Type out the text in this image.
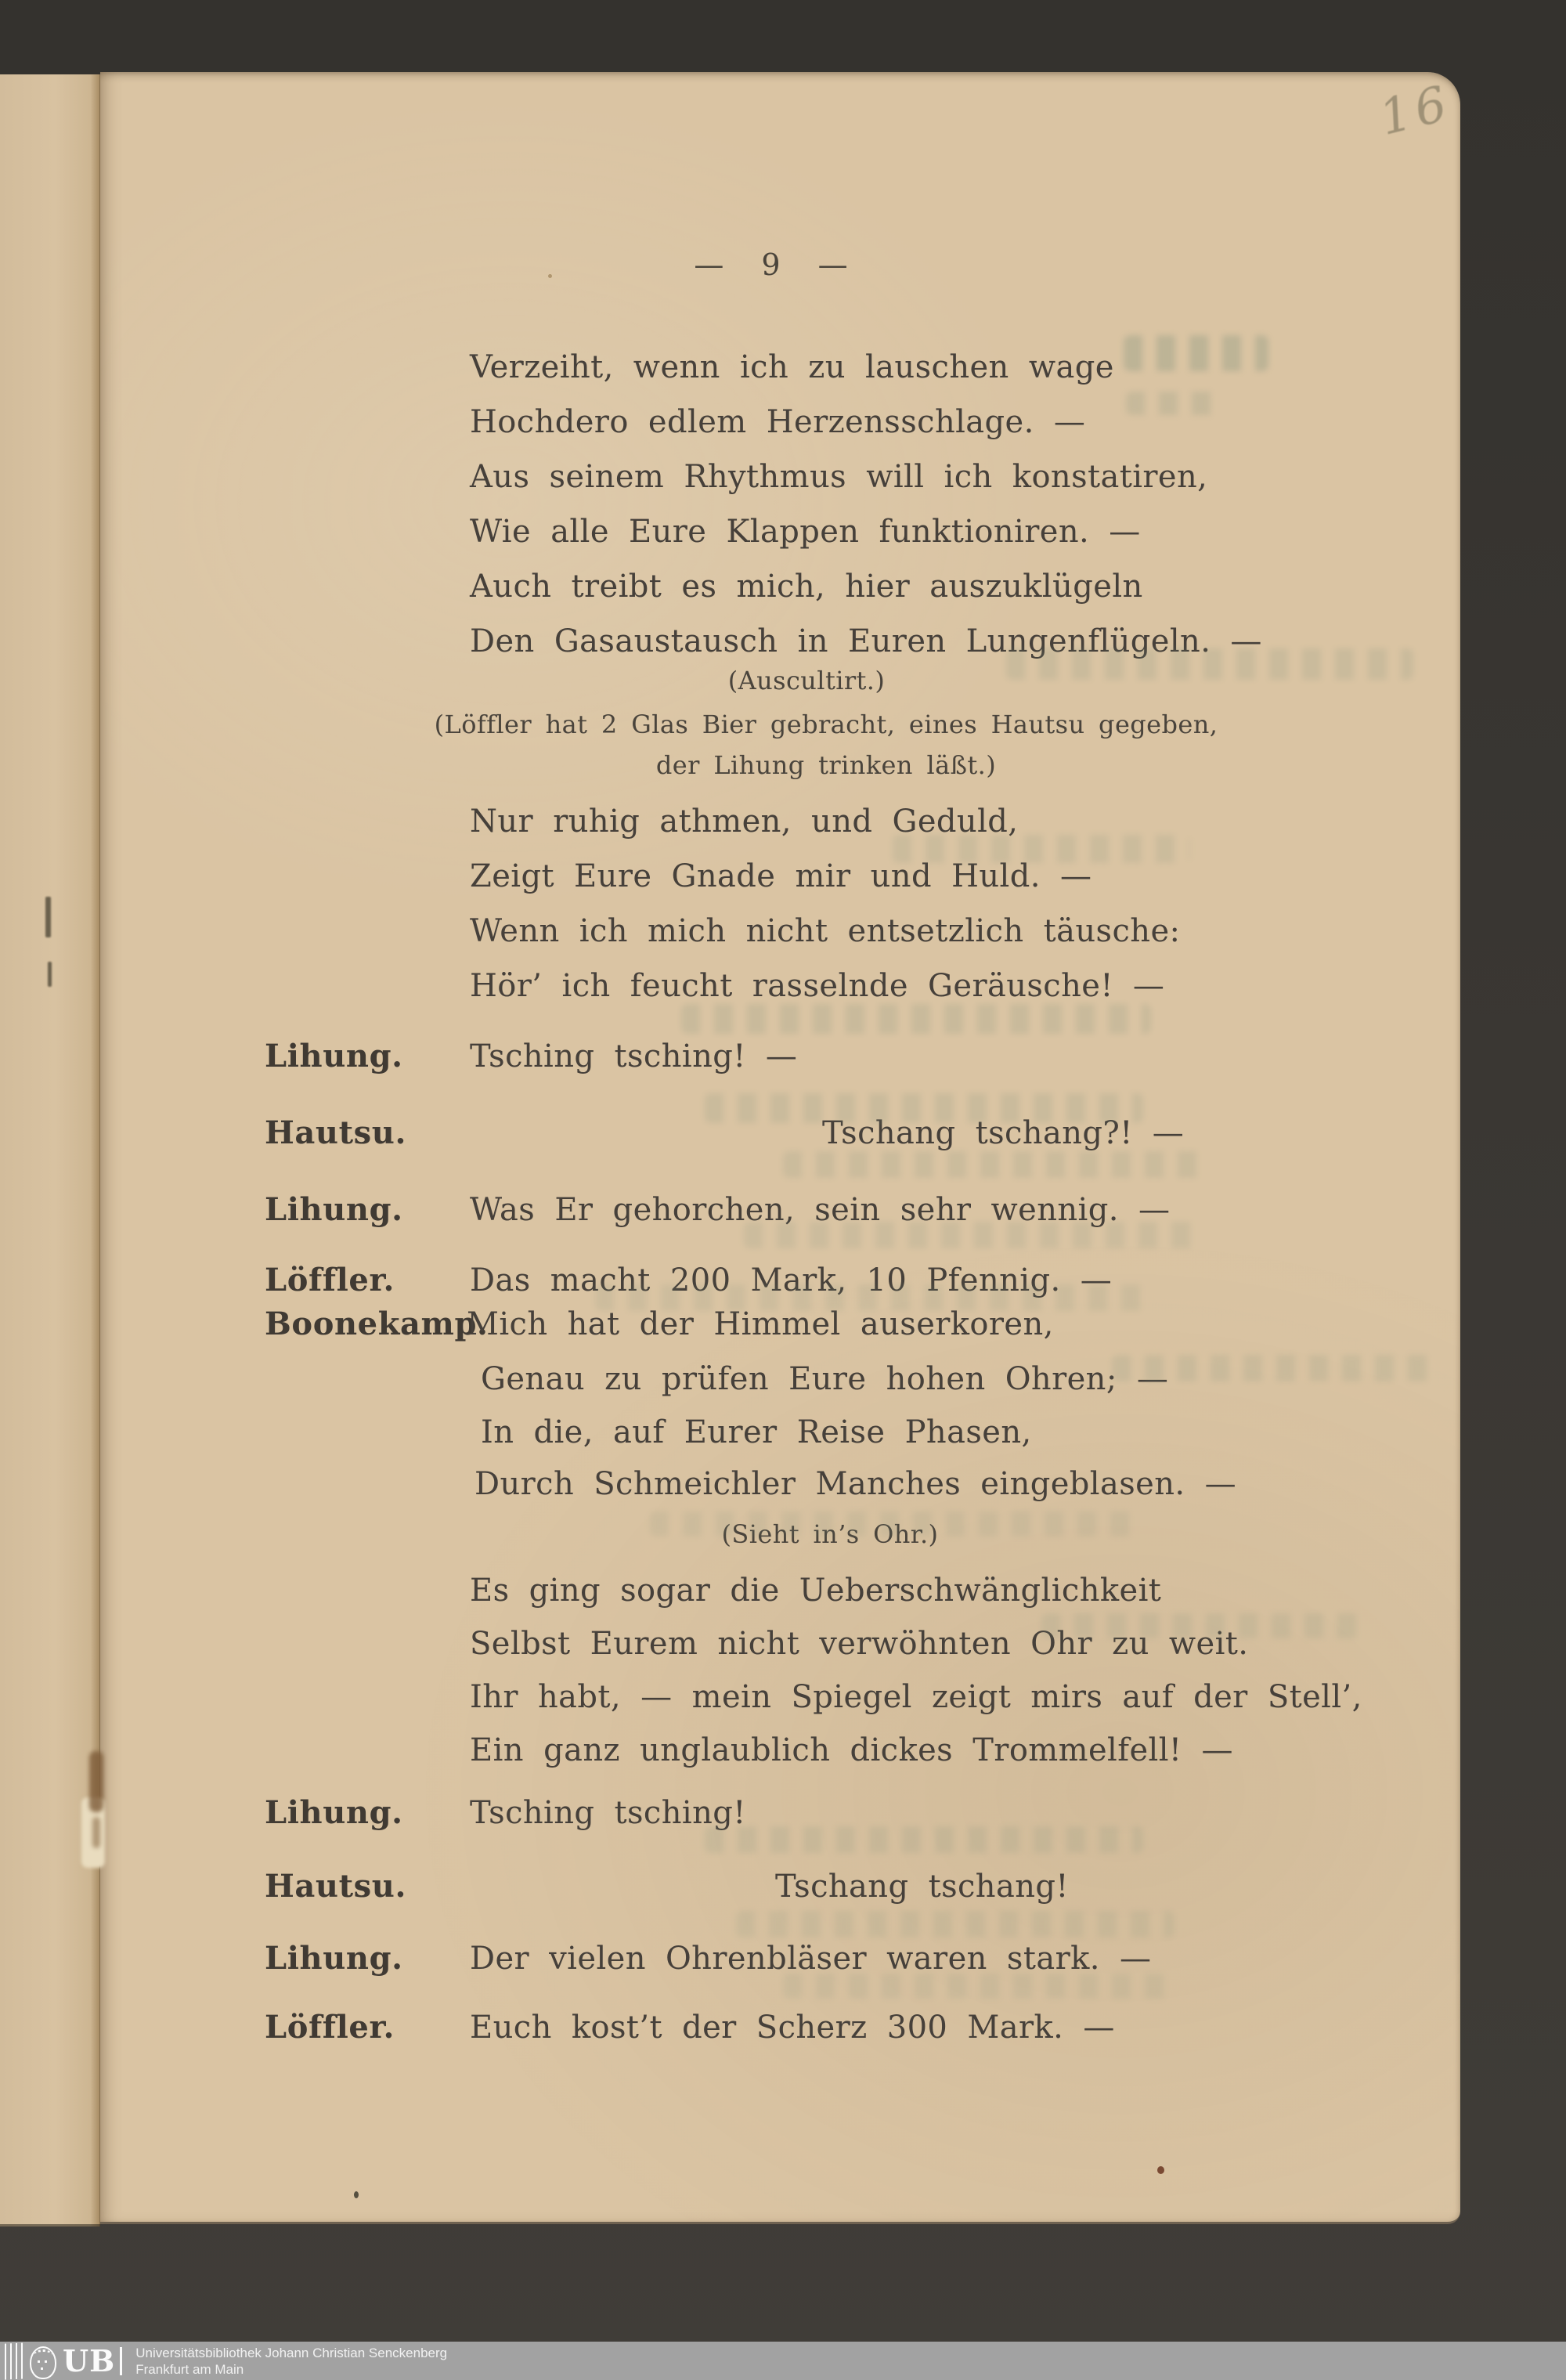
16
— 9 —
Verzeiht, wenn ich zu lauschen wage
Hochdero edlem Herzensschlage. —
Aus seinem Rhythmus will ich konstatiren,
Wie alle Eure Klappen funktioniren. —
Auch treibt es mich, hier auszuklügeln
Den Gasaustausch in Euren Lungenflügeln. —
(Auscultirt.)
(Löffler hat 2 Glas Bier gebracht, eines Hautsu gegeben,
der Lihung trinken läßt.)
Nur ruhig athmen, und Geduld,
Zeigt Eure Gnade mir und Huld. —
Wenn ich mich nicht entsetzlich täusche:
Hör’ ich feucht rasselnde Geräusche! —
Lihung. Tsching tsching! —
Hautsu.	Tschang tschang?! —
Lihung. Was Er gehorchen, sein sehr wennig. —
Löffler. Das macht 200 Mark, 10 Pfennig. —
Boonekamp.
Mich hat der Himmel auserkoren,
Genau zu prüfen Eure hohen Ohren; —
In die, auf Eurer Reise Phasen,
Durch Schmeichler Manches eingeblasen. —
(Sieht in’s Ohr.)
Es ging sogar die Ueberschwänglichkeit
Selbst Eurem nicht verwöhnten Ohr zu weit.
Ihr habt, — mein Spiegel zeigt mirs auf der Stell’,
Ein ganz unglaublich dickes Trommelfell! —
Lihung. Tsching tsching!
Hautsu.	Tschang tschang!
Lihung. Der vielen Ohrenbläser waren stark. —
Löffler. Euch kost’t der Scherz 300 Mark. —
UB Universitätsbibliothek Johann Christian Senckenberg
Frankfurt am Main
